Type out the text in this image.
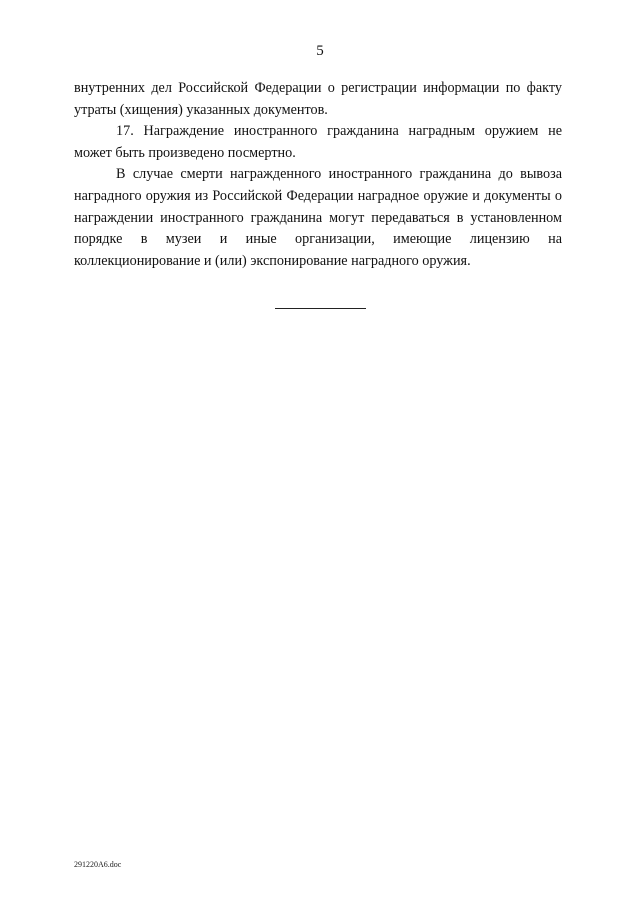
5

внутренних дел Российской Федерации о регистрации информации по факту утраты (хищения) указанных документов.

17. Награждение иностранного гражданина наградным оружием не может быть произведено посмертно.

В случае смерти награжденного иностранного гражданина до вывоза наградного оружия из Российской Федерации наградное оружие и документы о награждении иностранного гражданина могут передаваться в установленном порядке в музеи и иные организации, имеющие лицензию на коллекционирование и (или) экспонирование наградного оружия.

291220A6.doc
